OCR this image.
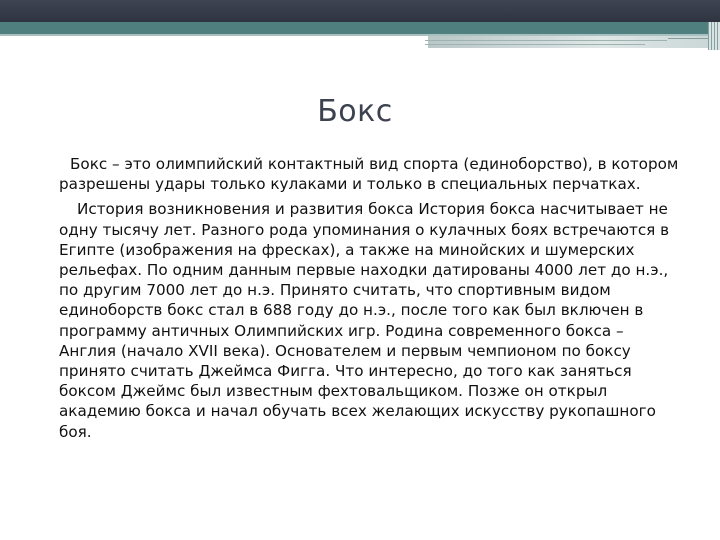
Бокс

Бокс – это олимпийский контактный вид спорта (единоборство), в котором разрешены удары только кулаками и только в специальных перчатках.

История возникновения и развития бокса История бокса насчитывает не одну тысячу лет. Разного рода упоминания о кулачных боях встречаются в Египте (изображения на фресках), а также на минойских и шумерских рельефах. По одним данным первые находки датированы 4000 лет до н.э., по другим 7000 лет до н.э. Принято считать, что спортивным видом единоборств бокс стал в 688 году до н.э., после того как был включен в программу античных Олимпийских игр. Родина современного бокса – Англия (начало XVII века). Основателем и первым чемпионом по боксу принято считать Джеймса Фигга. Что интересно, до того как заняться боксом Джеймс был известным фехтовальщиком. Позже он открыл академию бокса и начал обучать всех желающих искусству рукопашного боя.
